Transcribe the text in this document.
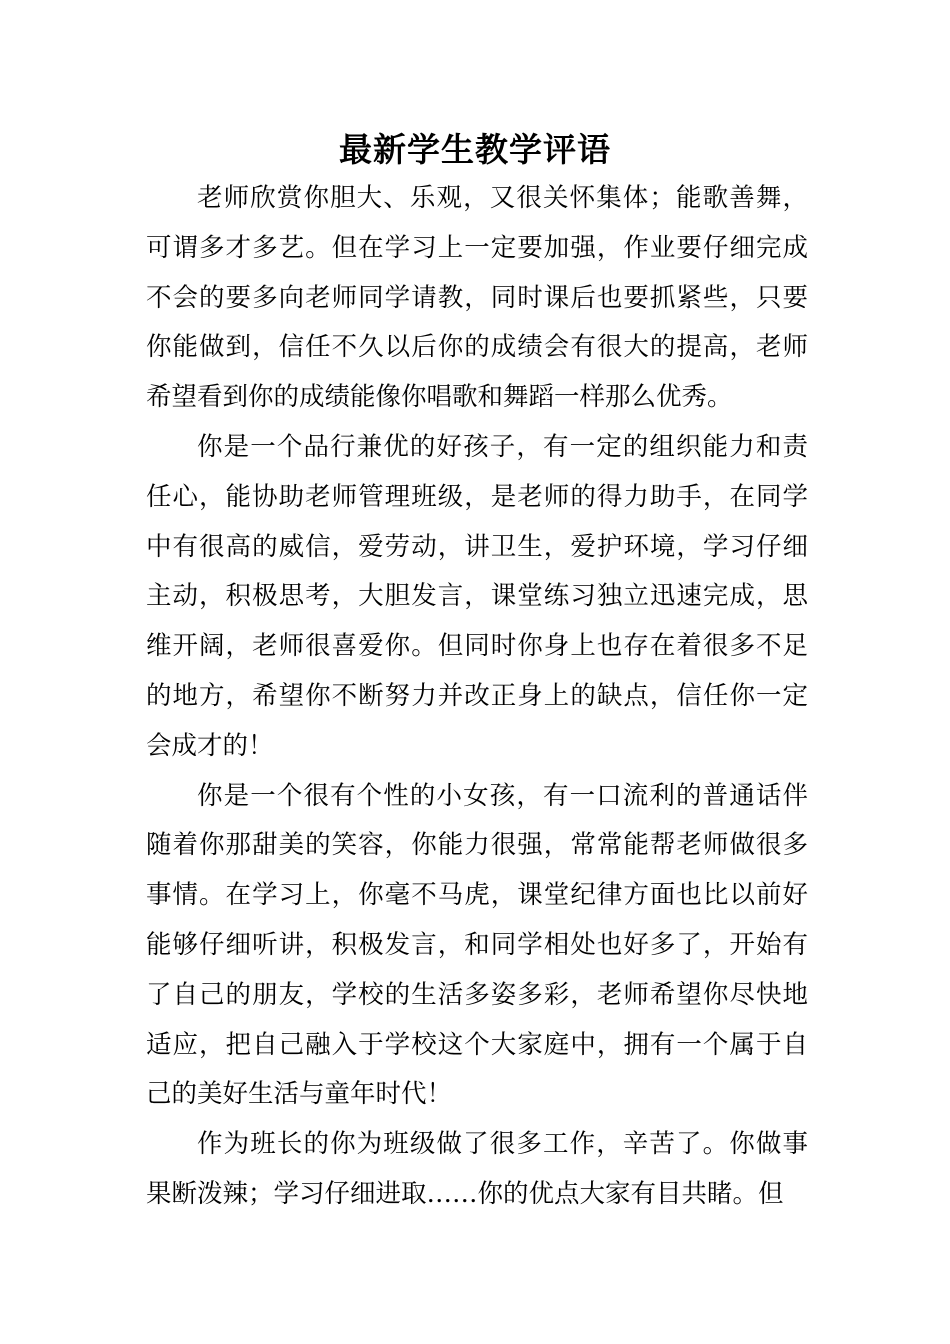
最新学生教学评语

老师欣赏你胆大、乐观，又很关怀集体；能歌善舞，可谓多才多艺。但在学习上一定要加强，作业要仔细完成不会的要多向老师同学请教，同时课后也要抓紧些，只要你能做到，信任不久以后你的成绩会有很大的提高，老师希望看到你的成绩能像你唱歌和舞蹈一样那么优秀。

你是一个品行兼优的好孩子，有一定的组织能力和责任心，能协助老师管理班级，是老师的得力助手，在同学中有很高的威信，爱劳动，讲卫生，爱护环境，学习仔细主动，积极思考，大胆发言，课堂练习独立迅速完成，思维开阔，老师很喜爱你。但同时你身上也存在着很多不足的地方，希望你不断努力并改正身上的缺点，信任你一定会成才的！

你是一个很有个性的小女孩，有一口流利的普通话伴随着你那甜美的笑容，你能力很强，常常能帮老师做很多事情。在学习上，你毫不马虎，课堂纪律方面也比以前好能够仔细听讲，积极发言，和同学相处也好多了，开始有了自己的朋友，学校的生活多姿多彩，老师希望你尽快地适应，把自己融入于学校这个大家庭中，拥有一个属于自己的美好生活与童年时代！

作为班长的你为班级做了很多工作，辛苦了。你做事果断泼辣；学习仔细进取……你的优点大家有目共睹。但
